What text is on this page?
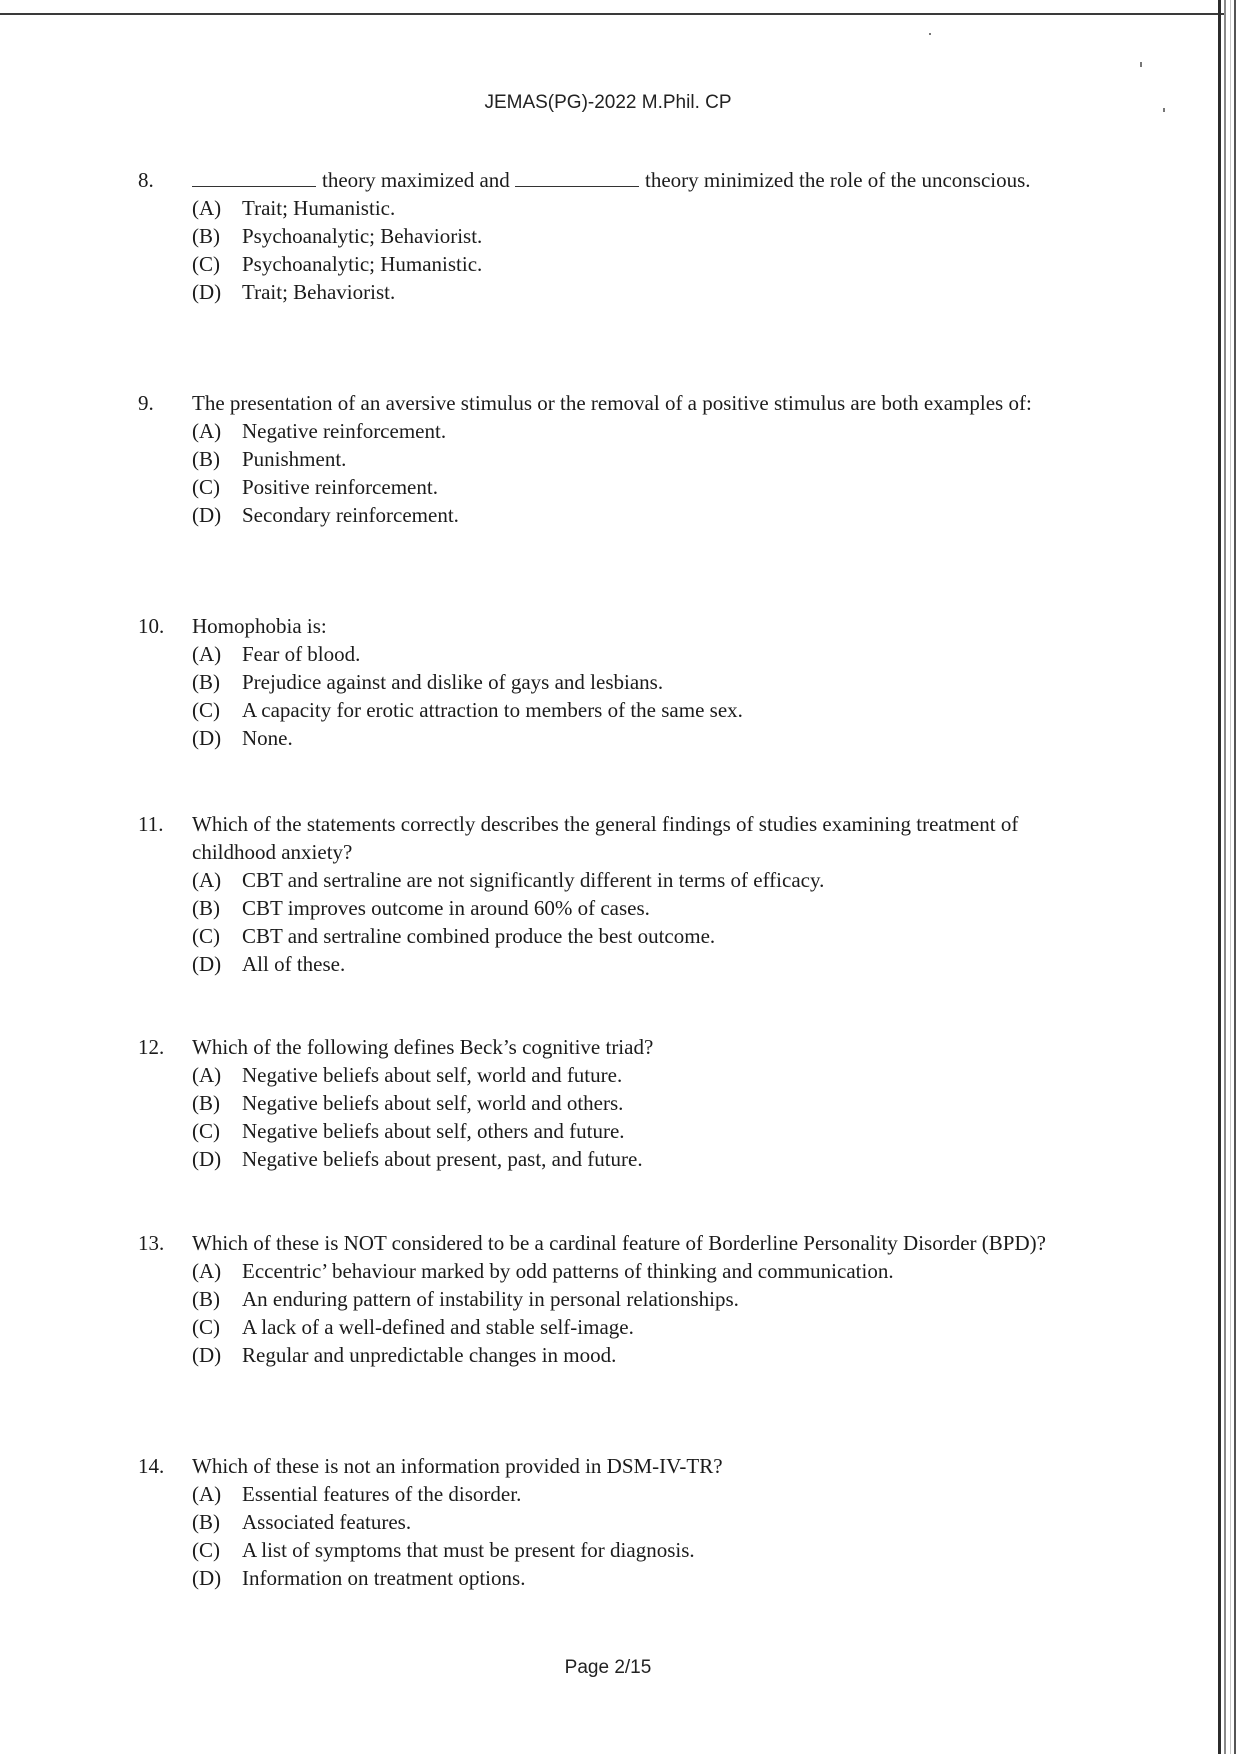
JEMAS(PG)-2022 M.Phil. CP
8.	theory maximized and	theory minimized the role of the unconscious.
(A) Trait; Humanistic.
(B) Psychoanalytic; Behaviorist.
(C) Psychoanalytic; Humanistic.
(D) Trait; Behaviorist.
9. The presentation of an aversive stimulus or the removal of a positive stimulus are both examples of:
(A) Negative reinforcement.
(B) Punishment.
(C) Positive reinforcement.
(D) Secondary reinforcement.
10. Homophobia is:
(A) Fear of blood.
(B) Prejudice against and dislike of gays and lesbians.
(C) A capacity for erotic attraction to members of the same sex.
(D) None.
11. Which of the statements correctly describes the general findings of studies examining treatment of childhood anxiety?
(A) CBT and sertraline are not significantly different in terms of efficacy.
(B) CBT improves outcome in around 60% of cases.
(C) CBT and sertraline combined produce the best outcome.
(D) All of these.
12. Which of the following defines Beck’s cognitive triad?
(A) Negative beliefs about self, world and future.
(B) Negative beliefs about self, world and others.
(C) Negative beliefs about self, others and future.
(D) Negative beliefs about present, past, and future.
13. Which of these is NOT considered to be a cardinal feature of Borderline Personality Disorder (BPD)?
(A) Eccentric’ behaviour marked by odd patterns of thinking and communication.
(B) An enduring pattern of instability in personal relationships.
(C) A lack of a well-defined and stable self-image.
(D) Regular and unpredictable changes in mood.
14. Which of these is not an information provided in DSM-IV-TR?
(A) Essential features of the disorder.
(B) Associated features.
(C) A list of symptoms that must be present for diagnosis.
(D) Information on treatment options.
Page 2/15
